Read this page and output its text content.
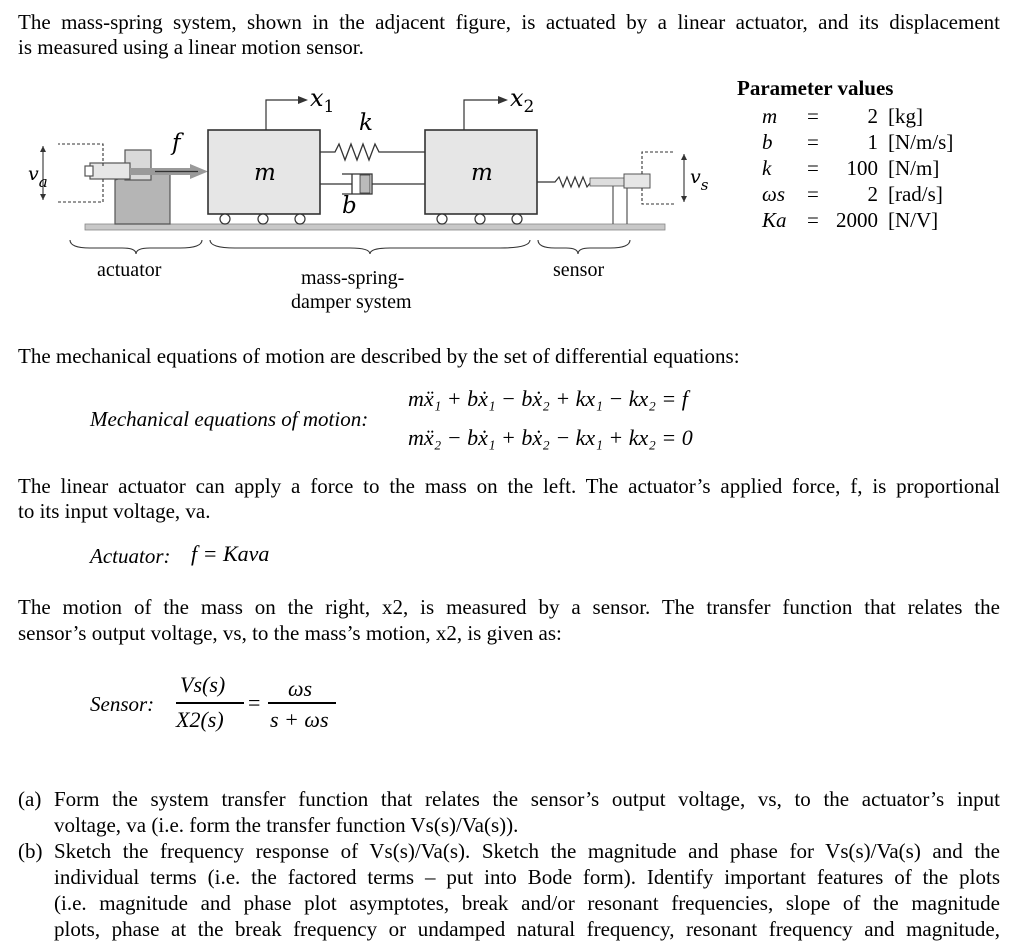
The mass-spring system, shown in the adjacent figure, is actuated by a linear actuator, and its displacement
is measured using a linear motion sensor.
$x_1$	$x_2$
k
f
m	m
b
$v_a$	$v_s$
actuator	mass-spring-
damper system
sensor
Parameter values
m =	2 [kg]
b =	1 [N/m/s]
k =	100 [N/m]
ωs =	2 [rad/s]
Ka = 2000 [N/V]
The mechanical equations of motion are described by the set of differential equations:
Mechanical equations of motion:
mẍ₁ + bẋ₁ − bẋ₂ + kx₁ − kx₂ = f
mẍ₂ − bẋ₁ + bẋ₂ − kx₁ + kx₂ = 0
The linear actuator can apply a force to the mass on the left. The actuator’s applied force, f, is proportional
to its input voltage, va.
Actuator: f = Kava
The motion of the mass on the right, x2, is measured by a sensor. The transfer function that relates the
sensor’s output voltage, vs, to the mass’s motion, x2, is given as:
Sensor:
Vs(s)
X2(s)
=
ωs
s + ωs
(a) Form the system transfer function that relates the sensor’s output voltage, vs, to the actuator’s input
voltage, va (i.e. form the transfer function Vs(s)/Va(s)).
(b) Sketch the frequency response of Vs(s)/Va(s). Sketch the magnitude and phase for Vs(s)/Va(s) and the
individual terms (i.e. the factored terms – put into Bode form). Identify important features of the plots
(i.e. magnitude and phase plot asymptotes, break and/or resonant frequencies, slope of the magnitude
plots, phase at the break frequency or undamped natural frequency, resonant frequency and magnitude,
